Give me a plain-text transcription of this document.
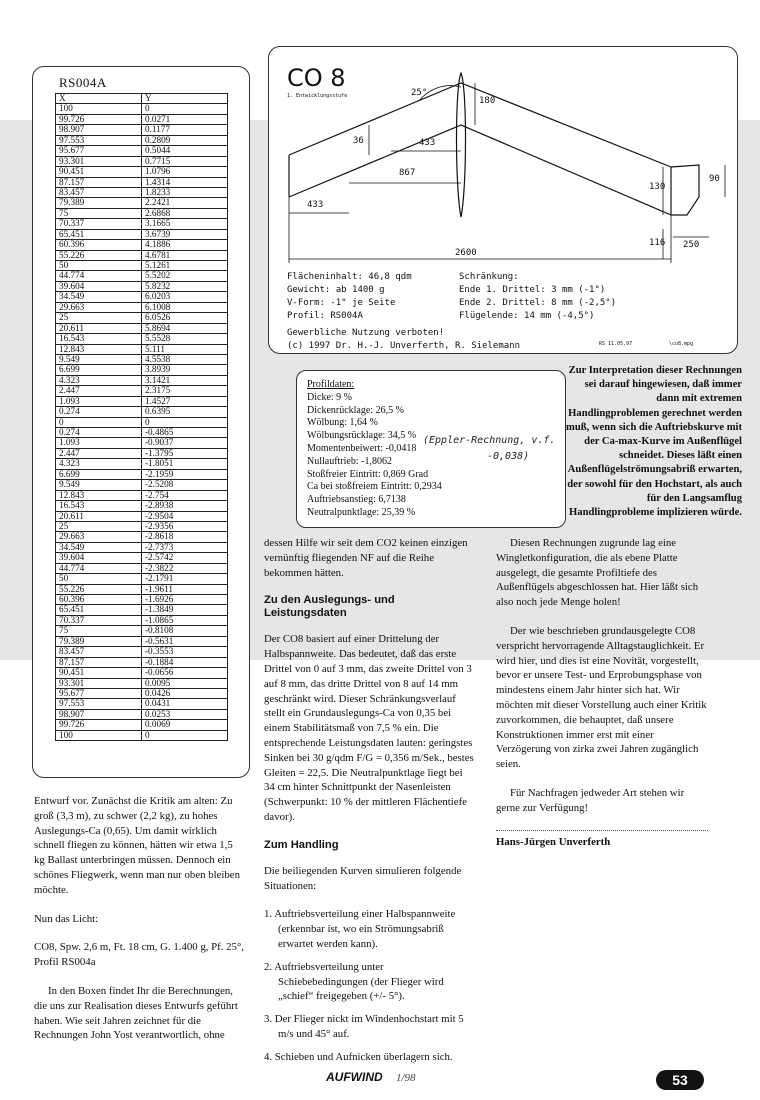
RS004A
X	Y
100	0
99.726	0.0271
98.907	0.1177
97.553	0.2809
95.677	0.5044
93.301	0.7715
90.451	1.0796
87.157	1.4314
83.457	1.8233
79.389	2.2421
75	2.6868
70.337	3.1665
65.451	3.6739
60.396	4.1886
55.226	4.6781
50	5.1261
44.774	5.5202
39.604	5.8232
34.549	6.0203
29.663	6.1008
25	6.0526
20.611	5.8694
16.543	5.5528
12.843	5.111
9.549	4.5538
6.699	3.8939
4.323	3.1421
2.447	2.3175
1.093	1.4527
0.274	0.6395
0	0
0.274	-0.4865
1.093	-0.9037
2.447	-1.3795
4.323	-1.8051
6.699	-2.1959
9.549	-2.5208
12.843	-2.754
16.543	-2.8938
20.611	-2.9504
25	-2.9356
29.663	-2.8618
34.549	-2.7373
39.604	-2.5742
44.774	-2.3822
50	-2.1791
55.226	-1.9611
60.396	-1.6926
65.451	-1.3849
70.337	-1.0865
75	-0.8108
79.389	-0.5631
83.457	-0.3553
87.157	-0.1884
90.451	-0.0656
93.301	0.0095
95.677	0.0426
97.553	0.0431
98.907	0.0253
99.726	0.0069
100	0
CO 8
1. Entwicklungsstufe	25°
180
36	433
867
130
90
433
2600
116 250
Flächeninhalt: 46,8 qdm
Gewicht: ab 1400 g
V-Form: -1° je Seite
Profil: RS004A
Schränkung:
Ende 1. Drittel: 3 mm (-1°)
Ende 2. Drittel: 8 mm (-2,5°)
Flügelende: 14 mm (-4,5°)
Gewerbliche Nutzung verboten!
(c) 1997 Dr. H.-J. Unverferth, R. Sielemann	RS 11.05.97	\co8.mpg
Profildaten:
Dicke: 9 %
Dickenrücklage: 26,5 %
Wölbung: 1,64 %
Wölbungsrücklage: 34,5 %
Momentenbeiwert: -0,0418
Nullauftrieb: -1,8062
Stoßfreier Eintritt: 0,869 Grad
Ca bei stoßfreiem Eintritt: 0,2934
Auftriebsanstieg: 6,7138
Neutralpunktlage: 25,39 %
(Eppler-Rechnung, v.f.
-0,038)
Zur Interpretation dieser Rechnungen sei darauf hingewiesen, daß immer dann mit extremen Handlingproblemen gerechnet werden muß, wenn sich die Auftriebskurve mit der Ca-max-Kurve im Außenflügel schneidet. Dieses läßt einen Außenflügelströmungsabriß erwarten, der sowohl für den Hochstart, als auch für den Langsamflug Handlingprobleme implizieren würde.

Entwurf vor. Zunächst die Kritik am alten: Zu groß (3,3 m), zu schwer (2,2 kg), zu hohes Auslegungs-Ca (0,65). Um damit wirklich schnell fliegen zu können, hätten wir etwa 1,5 kg Ballast unterbringen müssen. Dennoch ein schönes Fliegwerk, wenn man nur oben bleiben möchte.

Nun das Licht:

CO8, Spw. 2,6 m, Ft. 18 cm, G. 1.400 g, Pf. 25°, Profil RS004a

In den Boxen findet Ihr die Berechnungen, die uns zur Realisation dieses Entwurfs geführt haben. Wie seit Jahren zeichnet für die Rechnungen John Yost verantwortlich, ohne

dessen Hilfe wir seit dem CO2 keinen einzigen vernünftig fliegenden NF auf die Reihe bekommen hätten.

Zu den Auslegungs- und Leistungsdaten

Der CO8 basiert auf einer Drittelung der Halbspannweite. Das bedeutet, daß das erste Drittel von 0 auf 3 mm, das zweite Drittel von 3 auf 8 mm, das dritte Drittel von 8 auf 14 mm geschränkt wird. Dieser Schränkungsverlauf stellt ein Grundauslegungs-Ca von 0,35 bei einem Stabilitätsmaß von 7,5 % ein. Die entsprechende Leistungsdaten lauten: geringstes Sinken bei 30 g/qdm F/G = 0,356 m/Sek., bestes Gleiten = 22,5. Die Neutralpunktlage liegt bei 34 cm hinter Schnittpunkt der Nasenleisten (Schwerpunkt: 10 % der mittleren Flächentiefe davor).

Zum Handling

Die beiliegenden Kurven simulieren folgende Situationen:

1. Auftriebsverteilung einer Halbspannweite (erkennbar ist, wo ein Strömungsabriß erwartet werden kann).
2. Auftriebsverteilung unter Schiebebedingungen (der Flieger wird „schief“ freigegeben (+/- 5°).
3. Der Flieger nickt im Windenhochstart mit 5 m/s und 45° auf.
4. Schieben und Aufnicken überlagern sich.

Diesen Rechnungen zugrunde lag eine Wingletkonfiguration, die als ebene Platte ausgelegt, die gesamte Profiltiefe des Außenflügels abgeschlossen hat. Hier läßt sich also noch jede Menge holen!

Der wie beschrieben grundausgelegte CO8 verspricht hervorragende Alltagstauglichkeit. Er wird hier, und dies ist eine Novität, vorgestellt, bevor er unsere Test- und Erprobungsphase von mindestens einem Jahr hinter sich hat. Wir möchten mit dieser Vorstellung auch einer Kritik zuvorkommen, die behauptet, daß unsere Konstruktionen immer erst mit einer Verzögerung von zirka zwei Jahren zugänglich seien.

Für Nachfragen jedweder Art stehen wir gerne zur Verfügung!

Hans-Jürgen Unverferth
AUFWIND 1/98	53
